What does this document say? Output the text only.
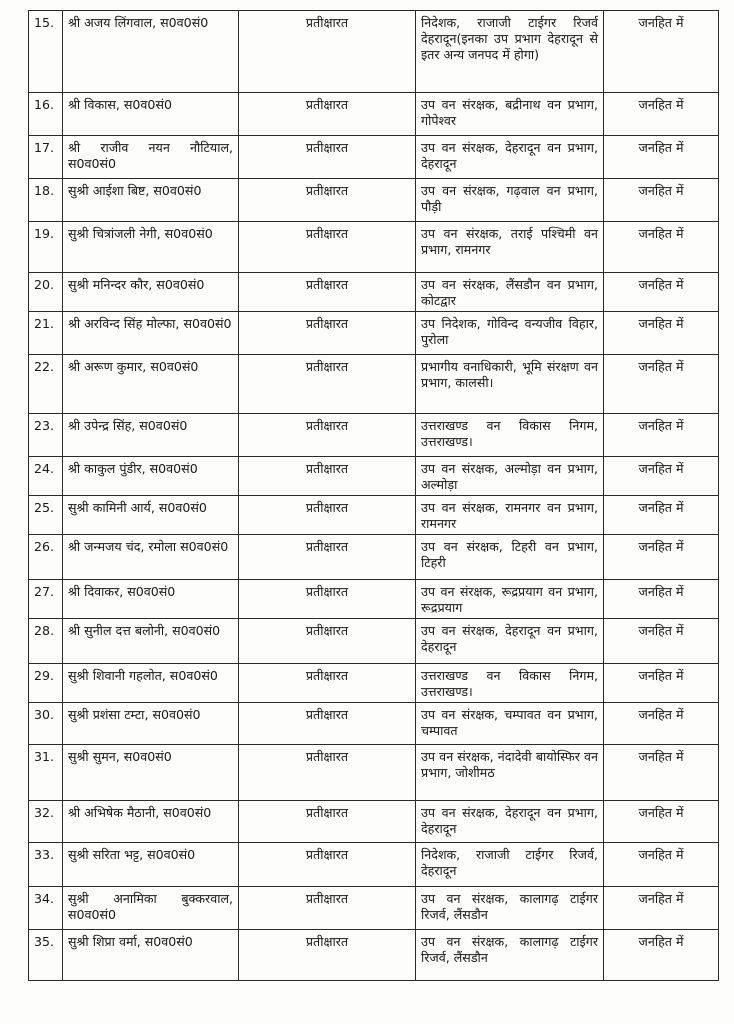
15.	श्री अजय लिंगवाल, स0व0सं0	प्रतीक्षारत	निदेशक, राजाजी टाईगर रिजर्व देहरादून(इनका उप प्रभाग देहरादून से इतर अन्य जनपद में होगा)	जनहित में
16.	श्री विकास, स0व0सं0	प्रतीक्षारत	उप वन संरक्षक, बद्रीनाथ वन प्रभाग, गोपेश्वर	जनहित में
17.	श्री राजीव नयन नौटियाल, स0व0सं0	प्रतीक्षारत	उप वन संरक्षक, देहरादून वन प्रभाग, देहरादून	जनहित में
18.	सुश्री आईशा बिष्ट, स0व0सं0	प्रतीक्षारत	उप वन संरक्षक, गढ़वाल वन प्रभाग, पौड़ी	जनहित में
19.	सुश्री चित्रांजली नेगी, स0व0सं0	प्रतीक्षारत	उप वन संरक्षक, तराई पश्चिमी वन प्रभाग, रामनगर	जनहित में
20.	सुश्री मनिन्दर कौर, स0व0सं0	प्रतीक्षारत	उप वन संरक्षक, लैंसडौन वन प्रभाग, कोटद्वार	जनहित में
21.	श्री अरविन्द सिंह मोल्फा, स0व0सं0	प्रतीक्षारत	उप निदेशक, गोविन्द वन्यजीव विहार, पुरोला	जनहित में
22.	श्री अरूण कुमार, स0व0सं0	प्रतीक्षारत	प्रभागीय वनाधिकारी, भूमि संरक्षण वन प्रभाग, कालसी।	जनहित में
23.	श्री उपेन्द्र सिंह, स0व0सं0	प्रतीक्षारत	उत्तराखण्ड वन विकास निगम, उत्तराखण्ड।	जनहित में
24.	श्री काकुल पुंडीर, स0व0सं0	प्रतीक्षारत	उप वन संरक्षक, अल्मोड़ा वन प्रभाग, अल्मोड़ा	जनहित में
25.	सुश्री कामिनी आर्य, स0व0सं0	प्रतीक्षारत	उप वन संरक्षक, रामनगर वन प्रभाग, रामनगर	जनहित में
26.	श्री जन्मजय चंद, रमोला स0व0सं0	प्रतीक्षारत	उप वन संरक्षक, टिहरी वन प्रभाग, टिहरी	जनहित में
27.	श्री दिवाकर, स0व0सं0	प्रतीक्षारत	उप वन संरक्षक, रूद्रप्रयाग वन प्रभाग, रूद्रप्रयाग	जनहित में
28.	श्री सुनील दत्त बलोनी, स0व0सं0	प्रतीक्षारत	उप वन संरक्षक, देहरादून वन प्रभाग, देहरादून	जनहित में
29.	सुश्री शिवानी गहलोत, स0व0सं0	प्रतीक्षारत	उत्तराखण्ड वन विकास निगम, उत्तराखण्ड।	जनहित में
30.	सुश्री प्रशंसा टम्टा, स0व0सं0	प्रतीक्षारत	उप वन संरक्षक, चम्पावत वन प्रभाग, चम्पावत	जनहित में
31.	सुश्री सुमन, स0व0सं0	प्रतीक्षारत	उप वन संरक्षक, नंदादेवी बायोस्फिर वन प्रभाग, जोशीमठ	जनहित में
32.	श्री अभिषेक मैठानी, स0व0सं0	प्रतीक्षारत	उप वन संरक्षक, देहरादून वन प्रभाग, देहरादून	जनहित में
33.	सुश्री सरिता भट्ट, स0व0सं0	प्रतीक्षारत	निदेशक, राजाजी टाईगर रिजर्व, देहरादून	जनहित में
34.	सुश्री अनामिका बुक्करवाल, स0व0सं0	प्रतीक्षारत	उप वन संरक्षक, कालागढ़ टाईगर रिजर्व, लैंसडौन	जनहित में
35.	सुश्री शिप्रा वर्मा, स0व0सं0	प्रतीक्षारत	उप वन संरक्षक, कालागढ़ टाईगर रिजर्व, लैंसडौन	जनहित में
